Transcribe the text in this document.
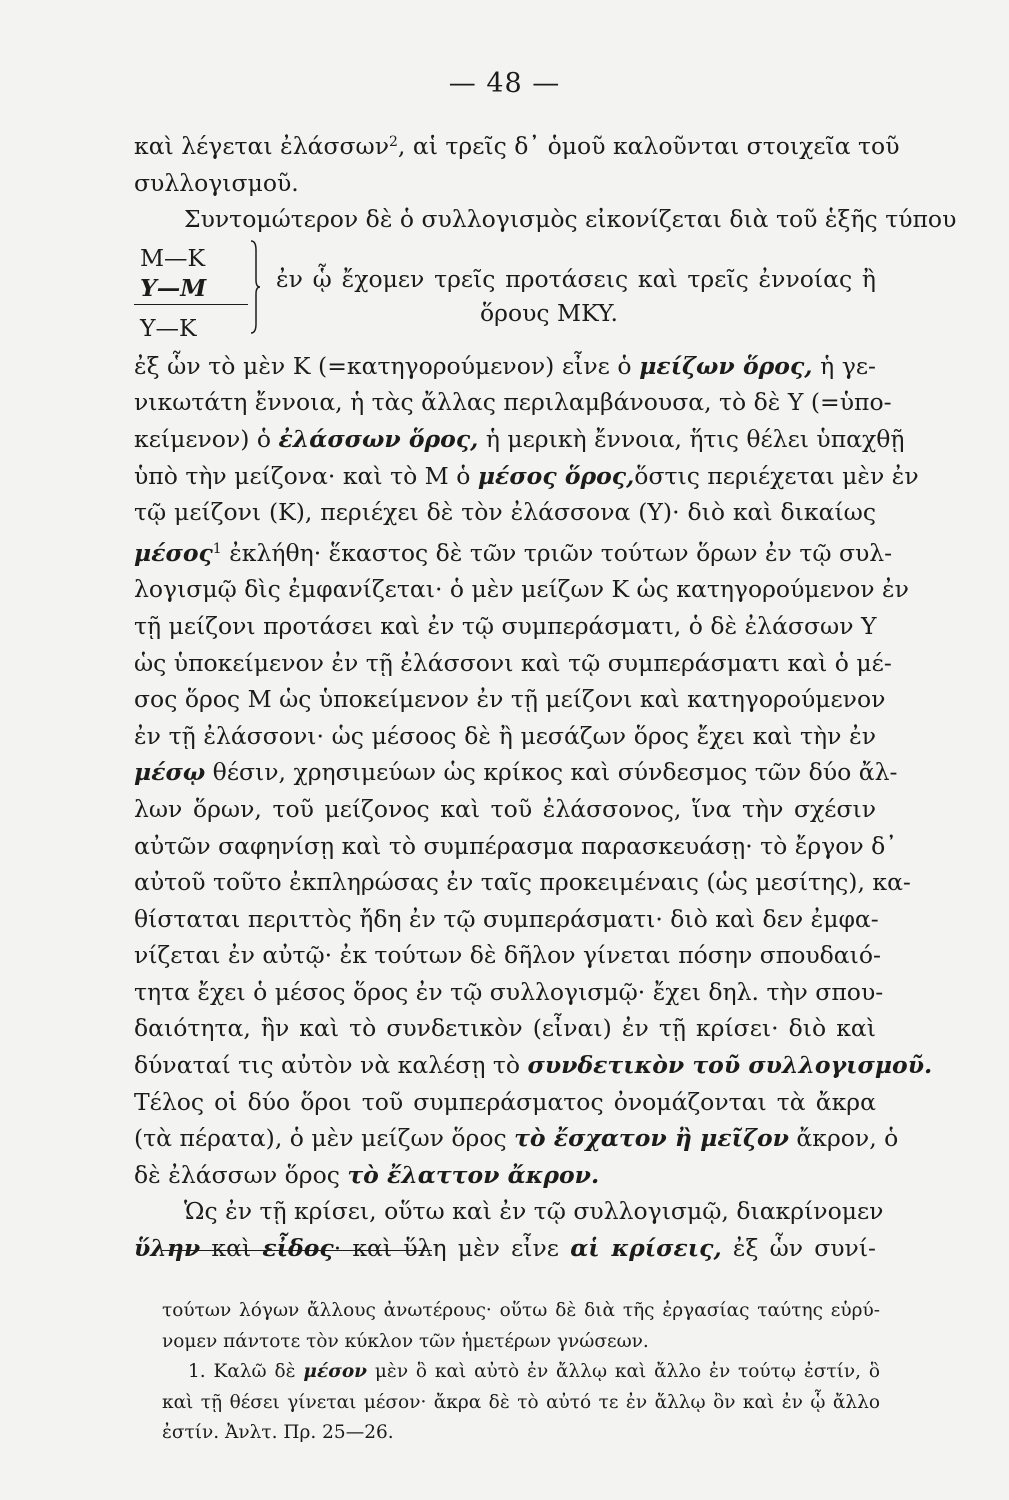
— 48 —
καὶ λέγεται ἐλάσσων$^2$, αἱ τρεῖς δ᾽ ὁμοῦ καλοῦνται στοιχεῖα τοῦ
συλλογισμοῦ.
Συντομώτερον δὲ ὁ συλλογισμὸς εἰκονίζεται διὰ τοῦ ἑξῆς τύπου
M—K
Y—M
Y—K
ἐν ᾧ ἔχομεν τρεῖς προτάσεις καὶ τρεῖς ἐννοίας ἢ
ὅρους MKY.
ἐξ ὧν τὸ μὲν K (=κατηγορούμενον) εἶνε ὁ μείζων ὅρος, ἡ γε-
νικωτάτη ἔννοια, ἡ τὰς ἄλλας περιλαμβάνουσα, τὸ δὲ Y (=ὑπο-
κείμενον) ὁ ἐλάσσων ὅρος, ἡ μερικὴ ἔννοια, ἥτις θέλει ὑπαχθῇ
ὑπὸ τὴν μείζονα· καὶ τὸ M ὁ μέσος ὅρος,ὅστις περιέχεται μὲν ἐν
τῷ μείζονι (K), περιέχει δὲ τὸν ἐλάσσονα (Y)· διὸ καὶ δικαίως
μέσος$^1$ ἐκλήθη· ἕκαστος δὲ τῶν τριῶν τούτων ὅρων ἐν τῷ συλ-
λογισμῷ δὶς ἐμφανίζεται· ὁ μὲν μείζων K ὡς κατηγορούμενον ἐν
τῇ μείζονι προτάσει καὶ ἐν τῷ συμπεράσματι, ὁ δὲ ἐλάσσων Y
ὡς ὑποκείμενον ἐν τῇ ἐλάσσονι καὶ τῷ συμπεράσματι καὶ ὁ μέ-
σος ὅρος M ὡς ὑποκείμενον ἐν τῇ μείζονι καὶ κατηγορούμενον
ἐν τῇ ἐλάσσονι· ὡς μέσοος δὲ ἢ μεσάζων ὅρος ἔχει καὶ τὴν ἐν
μέσῳ θέσιν, χρησιμεύων ὡς κρίκος καὶ σύνδεσμος τῶν δύο ἄλ-
λων ὅρων, τοῦ μείζονος καὶ τοῦ ἐλάσσονος, ἵνα τὴν σχέσιν
αὐτῶν σαφηνίσῃ καὶ τὸ συμπέρασμα παρασκευάσῃ· τὸ ἔργον δ᾽
αὐτοῦ τοῦτο ἐκπληρώσας ἐν ταῖς προκειμέναις (ὡς μεσίτης), κα-
θίσταται περιττὸς ἤδη ἐν τῷ συμπεράσματι· διὸ καὶ δεν ἐμφα-
νίζεται ἐν αὐτῷ· ἐκ τούτων δὲ δῆλον γίνεται πόσην σπουδαιό-
τητα ἔχει ὁ μέσος ὅρος ἐν τῷ συλλογισμῷ· ἔχει δηλ. τὴν σπου-
δαιότητα, ἣν καὶ τὸ συνδετικὸν (εἶναι) ἐν τῇ κρίσει· διὸ καὶ
δύναταί τις αὐτὸν νὰ καλέσῃ τὸ συνδετικὸν τοῦ συλλογισμοῦ.
Τέλος οἱ δύο ὅροι τοῦ συμπεράσματος ὀνομάζονται τὰ ἄκρα
(τὰ πέρατα), ὁ μὲν μείζων ὅρος τὸ ἔσχατον ἢ μεῖζον ἄκρον, ὁ
δὲ ἐλάσσων ὅρος τὸ ἔλαττον ἄκρον.
Ὡς ἐν τῇ κρίσει, οὕτω καὶ ἐν τῷ συλλογισμῷ, διακρίνομεν
ὕλην καὶ εἶδος· καὶ ὕλη μὲν εἶνε αἱ κρίσεις, ἐξ ὧν συνί-
τούτων λόγων ἄλλους ἀνωτέρους· οὕτω δὲ διὰ τῆς ἐργασίας ταύτης εὑρύ-
νομεν πάντοτε τὸν κύκλον τῶν ἡμετέρων γνώσεων.
1. Καλῶ δὲ μέσον μὲν ὃ καὶ αὐτὸ ἐν ἄλλῳ καὶ ἄλλο ἐν τούτῳ ἐστίν, ὃ
καὶ τῇ θέσει γίνεται μέσον· ἄκρα δὲ τὸ αὐτό τε ἐν ἄλλῳ ὂν καὶ ἐν ᾧ ἄλλο
ἐστίν. Ἀνλτ. Πρ. 25—26.
